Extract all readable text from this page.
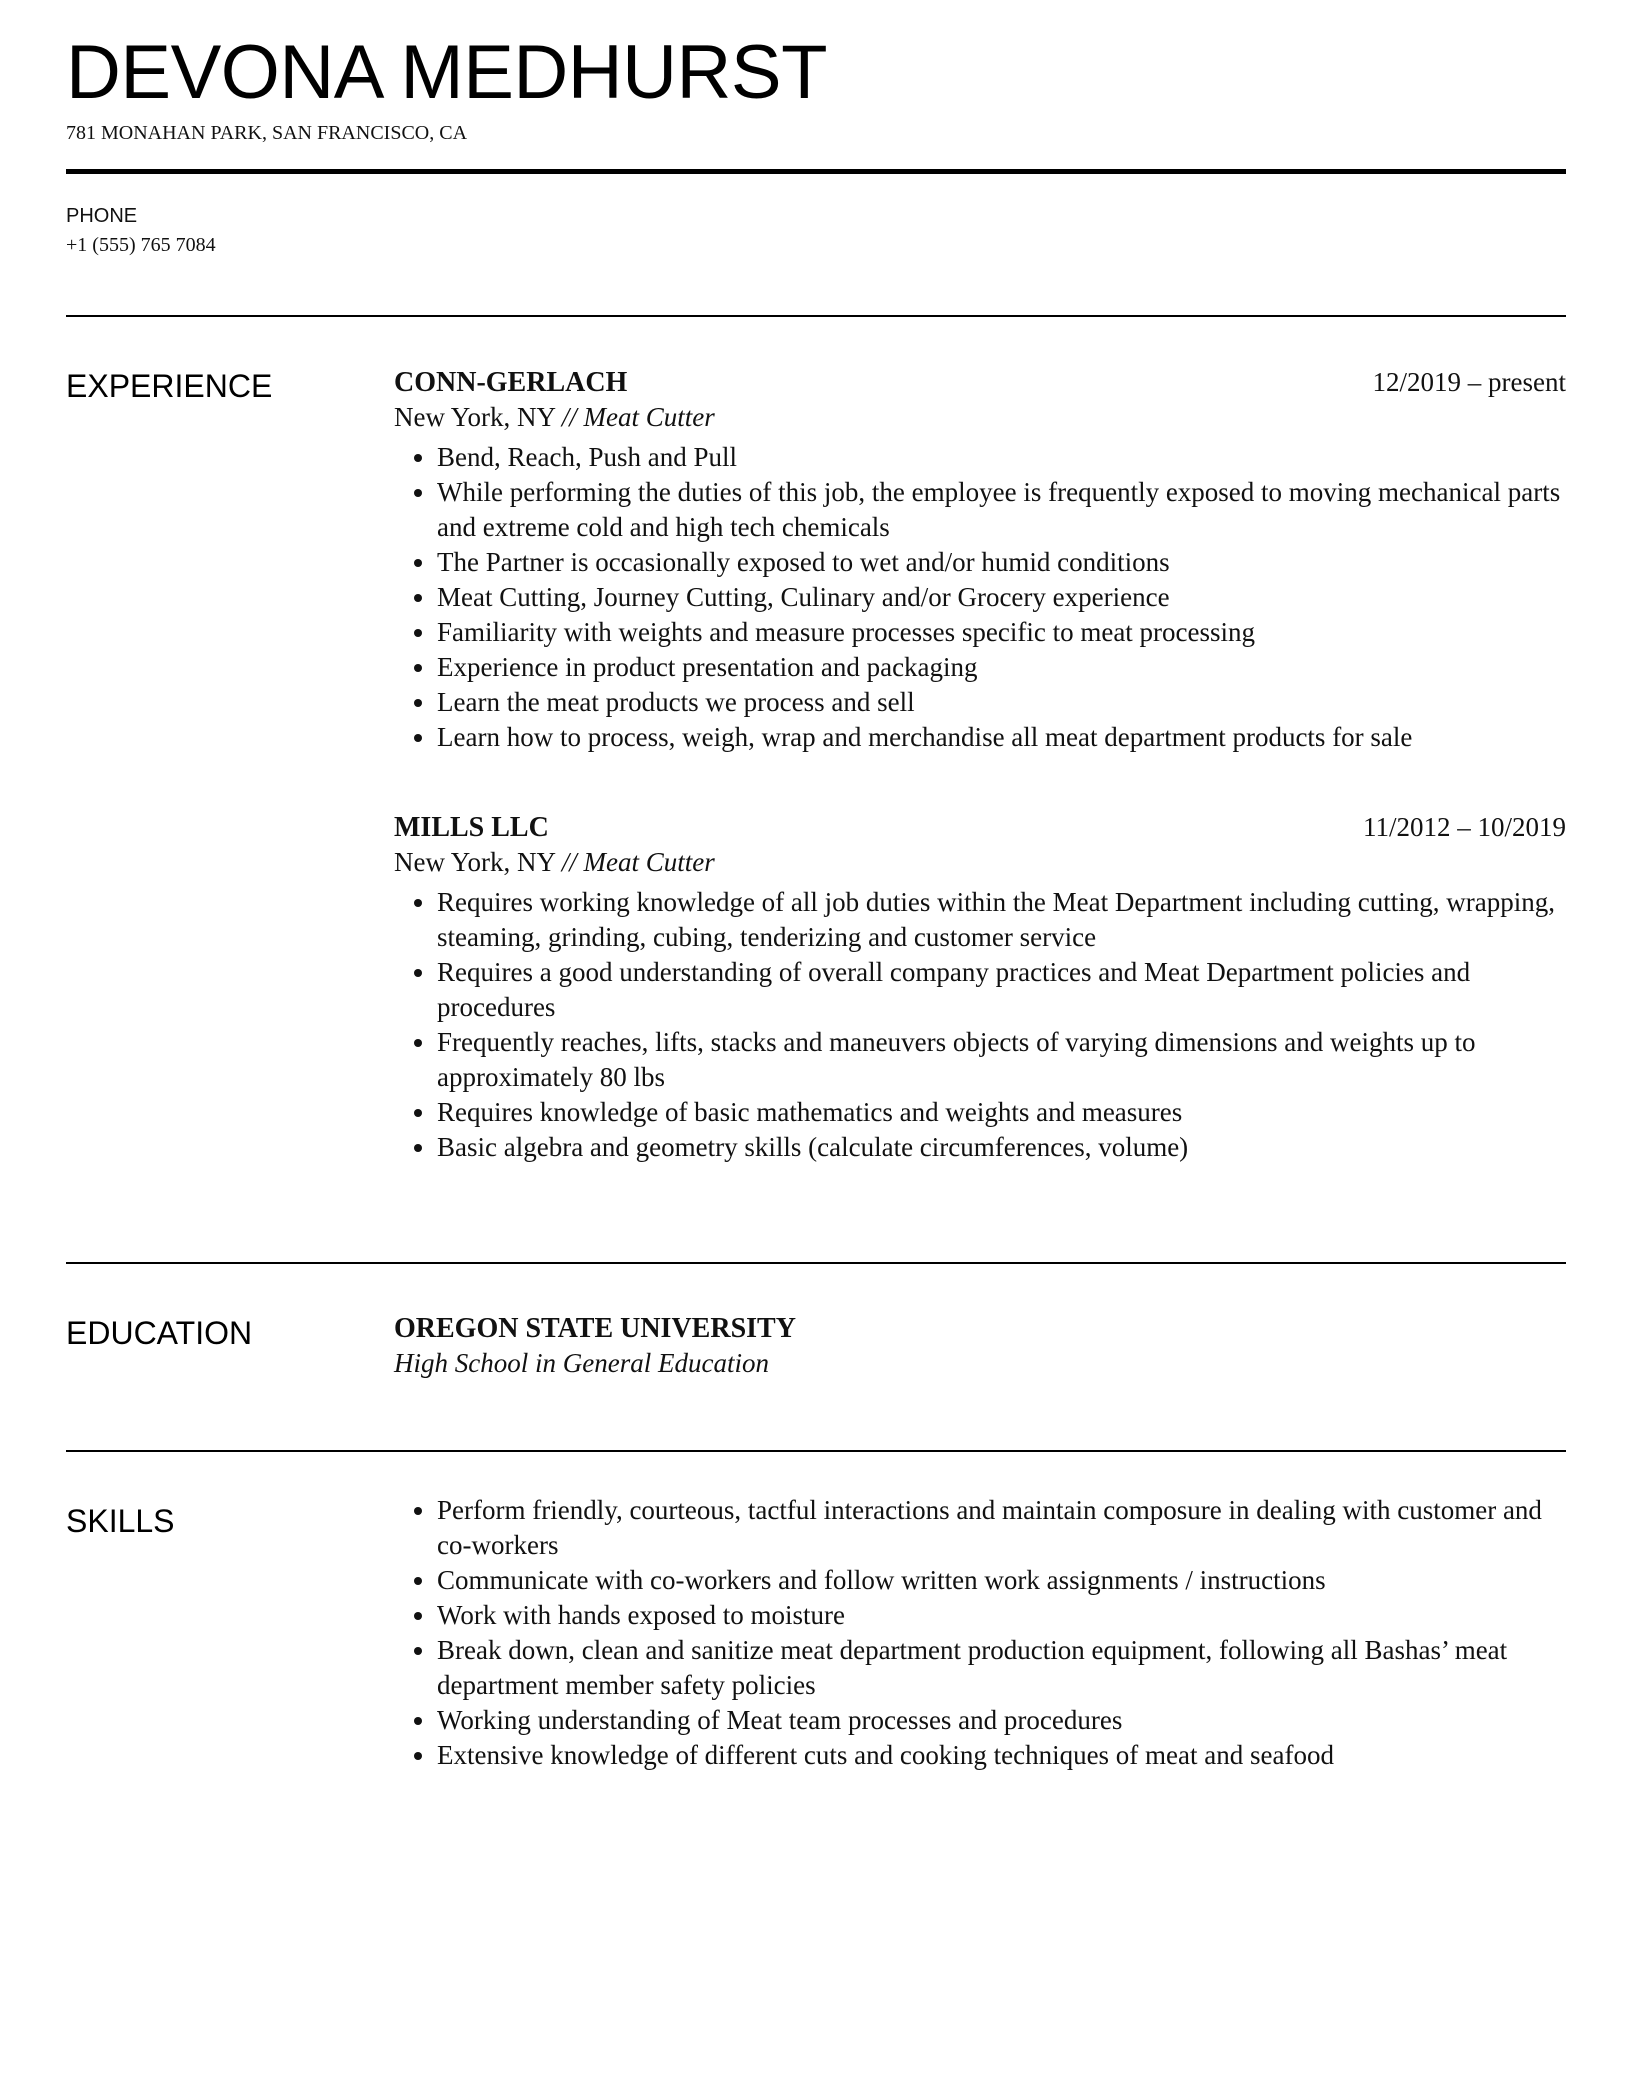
DEVONA MEDHURST
781 MONAHAN PARK, SAN FRANCISCO, CA
PHONE
+1 (555) 765 7084
EXPERIENCE	CONN-GERLACH	12/2019 – present
New York, NY // Meat Cutter
• Bend, Reach, Push and Pull
• While performing the duties of this job, the employee is frequently exposed to moving mechanical parts and extreme cold and high tech chemicals
• The Partner is occasionally exposed to wet and/or humid conditions
• Meat Cutting, Journey Cutting, Culinary and/or Grocery experience
• Familiarity with weights and measure processes specific to meat processing
• Experience in product presentation and packaging
• Learn the meat products we process and sell
• Learn how to process, weigh, wrap and merchandise all meat department products for sale
MILLS LLC	11/2012 – 10/2019
New York, NY // Meat Cutter
• Requires working knowledge of all job duties within the Meat Department including cutting, wrapping, steaming, grinding, cubing, tenderizing and customer service
• Requires a good understanding of overall company practices and Meat Department policies and procedures
• Frequently reaches, lifts, stacks and maneuvers objects of varying dimensions and weights up to approximately 80 lbs
• Requires knowledge of basic mathematics and weights and measures
• Basic algebra and geometry skills (calculate circumferences, volume)
EDUCATION	OREGON STATE UNIVERSITY
High School in General Education
SKILLS
•	Perform friendly, courteous, tactful interactions and maintain composure in dealing with customer and co-workers
• Communicate with co-workers and follow written work assignments / instructions
• Work with hands exposed to moisture
• Break down, clean and sanitize meat department production equipment, following all Bashas’ meat department member safety policies
• Working understanding of Meat team processes and procedures
• Extensive knowledge of different cuts and cooking techniques of meat and seafood
